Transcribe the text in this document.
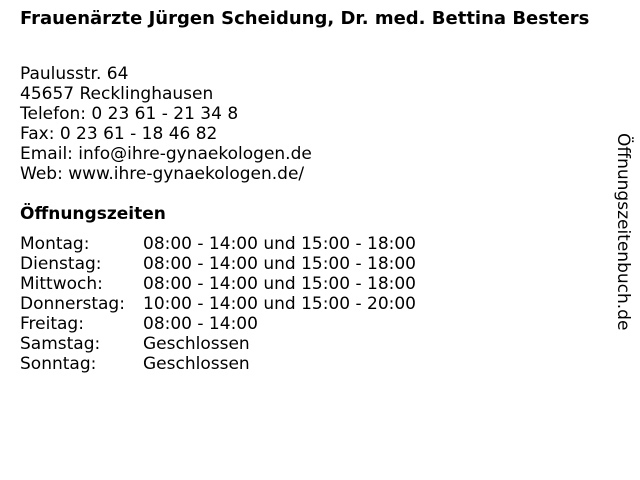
Frauenärzte Jürgen Scheidung, Dr. med. Bettina Besters
Paulusstr. 64
45657 Recklinghausen
Telefon: 0 23 61 - 21 34 8
Fax: 0 23 61 - 18 46 82
Email: info@ihre-gynaekologen.de
Web: www.ihre-gynaekologen.de/
Öffnungszeiten
Montag:	08:00 - 14:00 und 15:00 - 18:00
Dienstag: 08:00 - 14:00 und 15:00 - 18:00
Mittwoch: 08:00 - 14:00 und 15:00 - 18:00
Donnerstag: 10:00 - 14:00 und 15:00 - 20:00
Freitag:	08:00 - 14:00
Samstag:	Geschlossen
Sonntag:	Geschlossen
Öffnungszeitenbuch.de
